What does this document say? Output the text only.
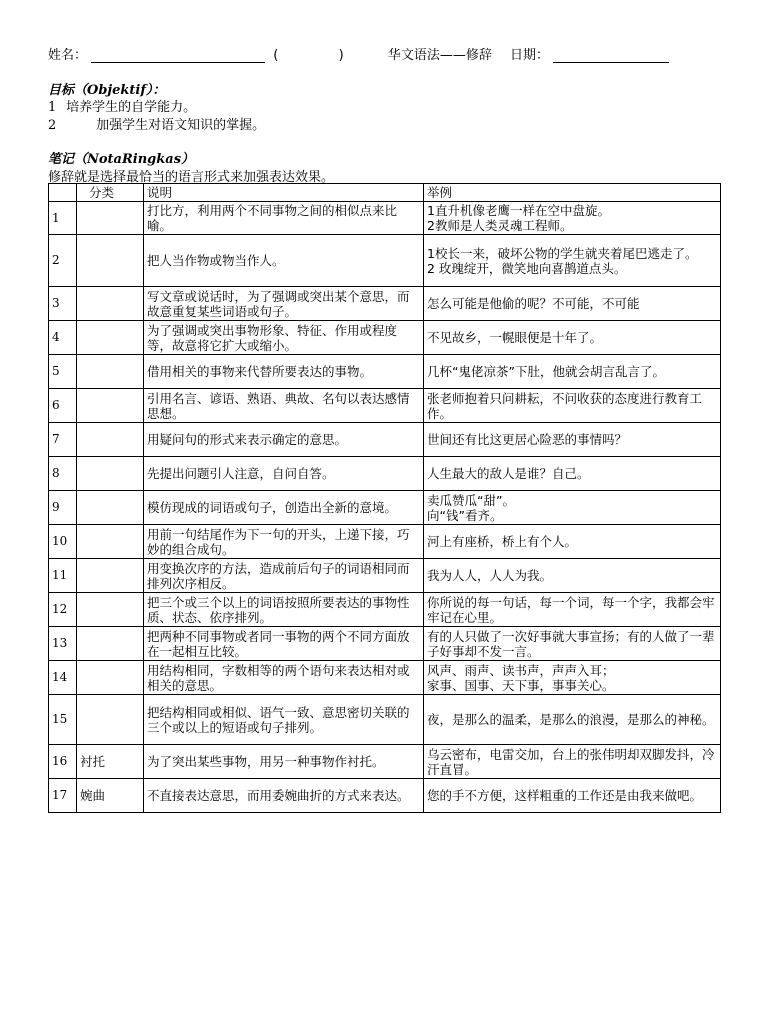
姓名：	(	)	华文语法——修辞 日期：
目标（Objektif）：
1 培养学生的自学能力。
2	加强学生对语文知识的掌握。
笔记（NotaRingkas）
修辞就是选择最恰当的语言形式来加强表达效果。
	分类	说明	举例
1		打比方，利用两个不同事物之间的相似点来比喻。	1直升机像老鹰一样在空中盘旋。
2教师是人类灵魂工程师。
2		把人当作物或物当作人。	1校长一来，破坏公物的学生就夹着尾巴逃走了。
2 玫瑰绽开，微笑地向喜鹊道点头。
3		写文章或说话时，为了强调或突出某个意思，而故意重复某些词语或句子。	怎么可能是他偷的呢？不可能，不可能
4		为了强调或突出事物形象、特征、作用或程度等，故意将它扩大或缩小。	不见故乡，一幌眼便是十年了。
5		借用相关的事物来代替所要表达的事物。	几杯“鬼佬凉茶”下肚，他就会胡言乱言了。
6		引用名言、谚语、熟语、典故、名句以表达感情思想。	张老师抱着只问耕耘，不问收获的态度进行教育工作。
7		用疑问句的形式来表示确定的意思。	世间还有比这更居心险恶的事情吗？
8		先提出问题引人注意，自问自答。	人生最大的敌人是谁？自己。
9		模仿现成的词语或句子，创造出全新的意境。	卖瓜赞瓜“甜”。
向“钱”看齐。
10		用前一句结尾作为下一句的开头，上递下接，巧妙的组合成句。	河上有座桥，桥上有个人。
11		用变换次序的方法，造成前后句子的词语相同而排列次序相反。	我为人人，人人为我。
12		把三个或三个以上的词语按照所要表达的事物性质、状态、依序排列。	你所说的每一句话，每一个词，每一个字，我都会牢牢记在心里。
13		把两种不同事物或者同一事物的两个不同方面放在一起相互比较。	有的人只做了一次好事就大事宣扬；有的人做了一辈子好事却不发一言。
14		用结构相同，字数相等的两个语句来表达相对或相关的意思。	风声、雨声、读书声，声声入耳；
家事、国事、天下事，事事关心。
15		把结构相同或相似、语气一致、意思密切关联的三个或以上的短语或句子排列。	夜，是那么的温柔，是那么的浪漫，是那么的神秘。
16	衬托	为了突出某些事物，用另一种事物作衬托。	乌云密布，电雷交加，台上的张伟明却双脚发抖，冷汗直冒。
17	婉曲	不直接表达意思，而用委婉曲折的方式来表达。	您的手不方便，这样粗重的工作还是由我来做吧。
